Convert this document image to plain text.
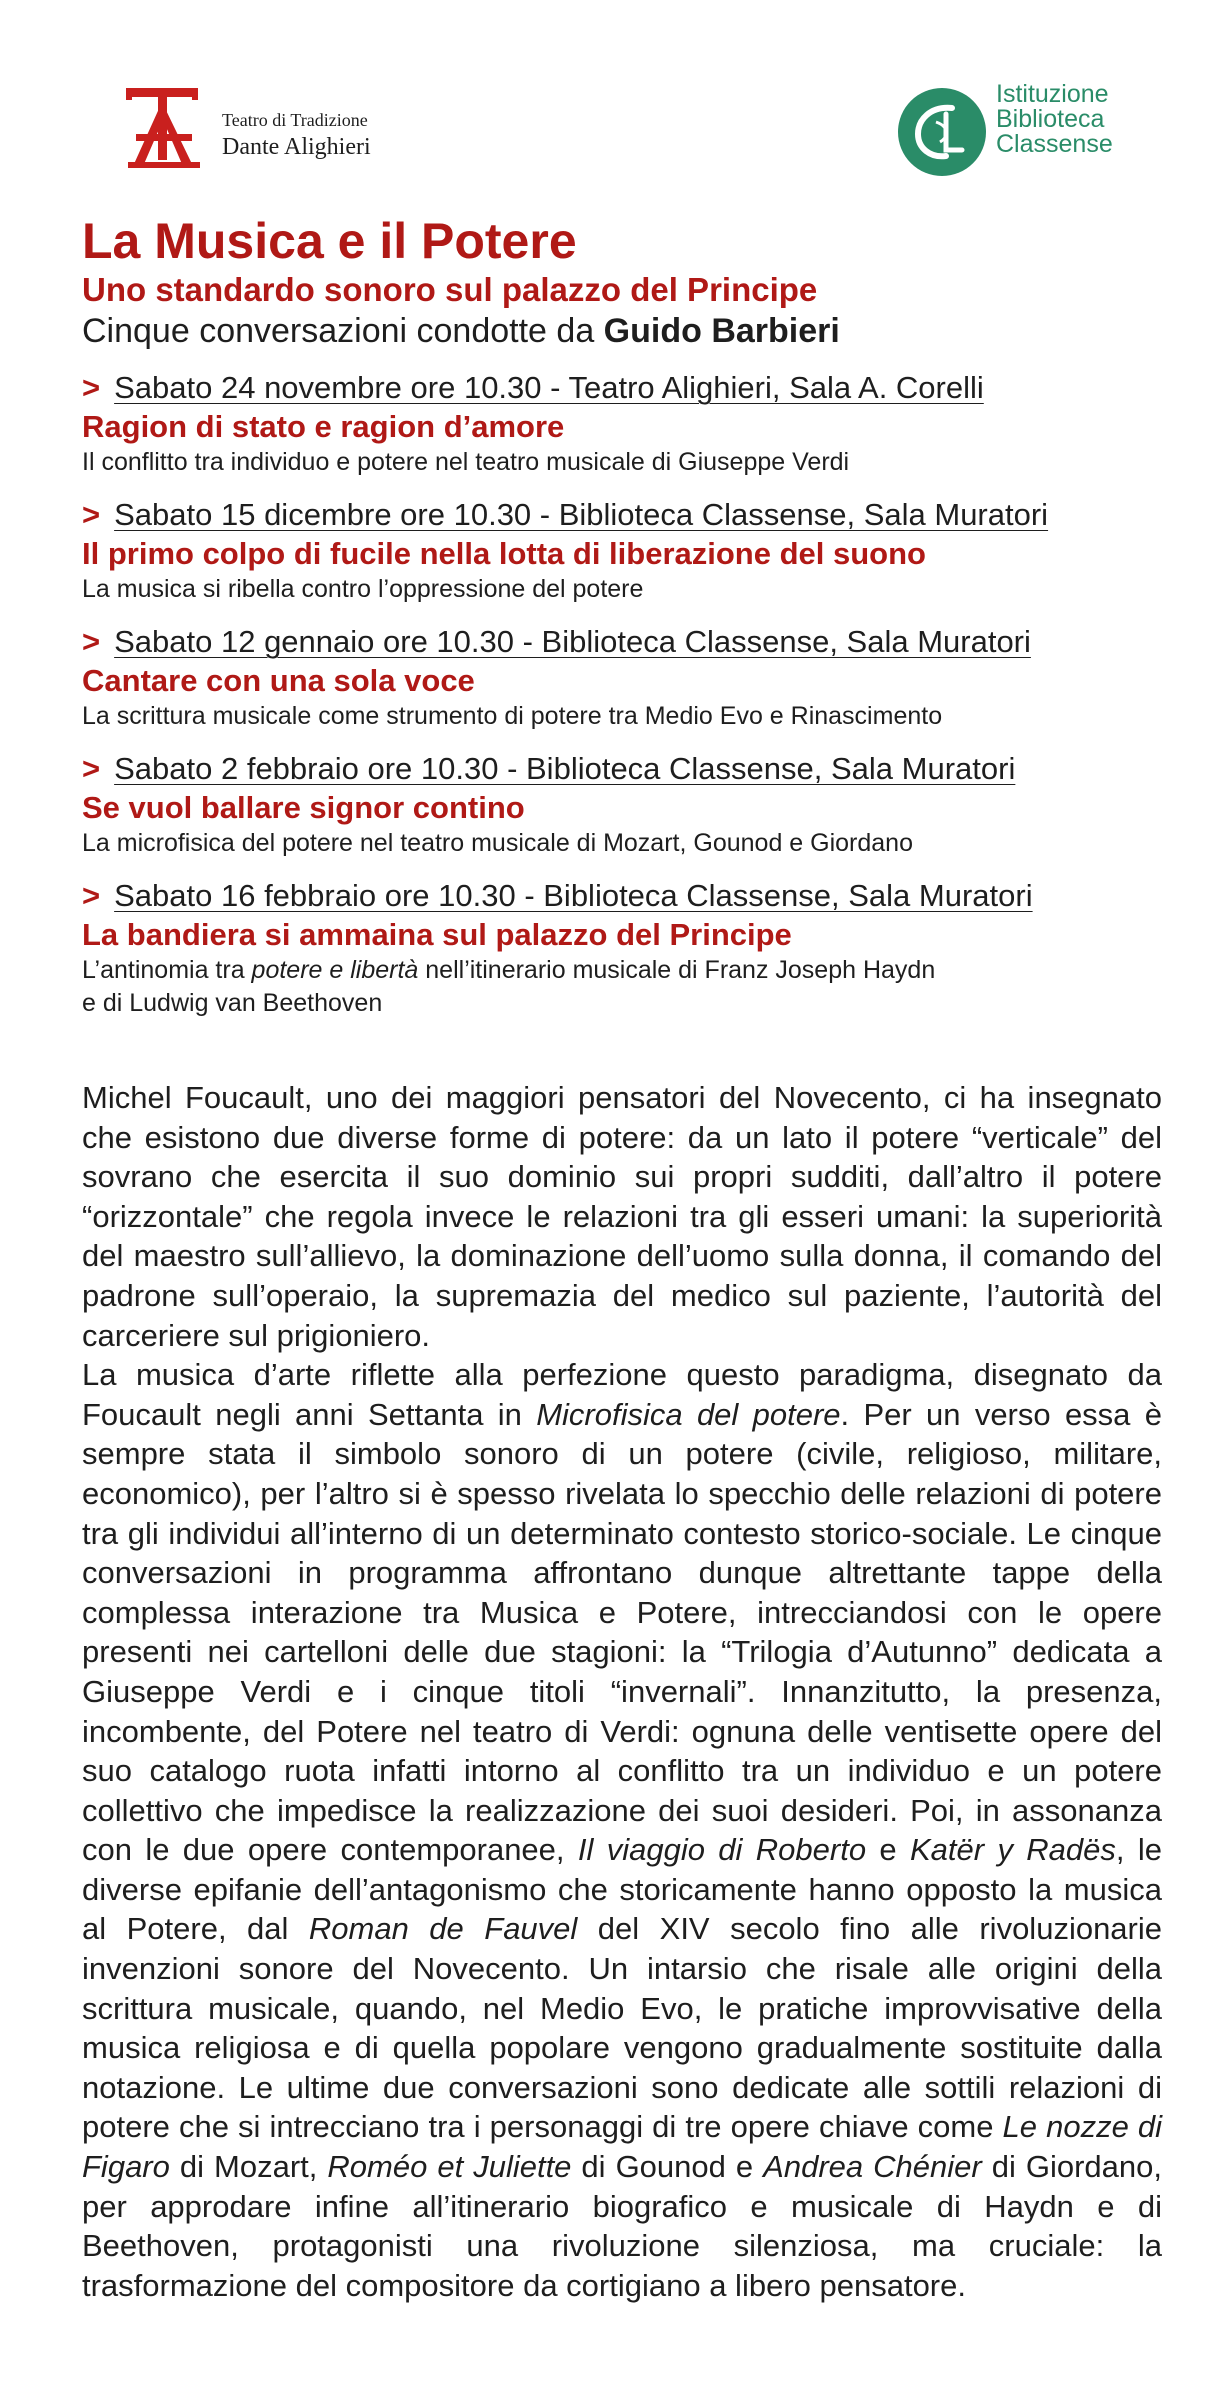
Teatro di Tradizione
Dante Alighieri
Istituzione
Biblioteca
Classense
La Musica e il Potere
Uno standardo sonoro sul palazzo del Principe

Cinque conversazioni condotte da Guido Barbieri

> Sabato 24 novembre ore 10.30 - Teatro Alighieri, Sala A. Corelli
Ragion di stato e ragion d’amore
Il conflitto tra individuo e potere nel teatro musicale di Giuseppe Verdi
> Sabato 15 dicembre ore 10.30 - Biblioteca Classense, Sala Muratori
Il primo colpo di fucile nella lotta di liberazione del suono
La musica si ribella contro l’oppressione del potere
> Sabato 12 gennaio ore 10.30 - Biblioteca Classense, Sala Muratori
Cantare con una sola voce
La scrittura musicale come strumento di potere tra Medio Evo e Rinascimento
> Sabato 2 febbraio ore 10.30 - Biblioteca Classense, Sala Muratori
Se vuol ballare signor contino
La microfisica del potere nel teatro musicale di Mozart, Gounod e Giordano
> Sabato 16 febbraio ore 10.30 - Biblioteca Classense, Sala Muratori
La bandiera si ammaina sul palazzo del Principe
L’antinomia tra potere e libertà nell’itinerario musicale di Franz Joseph Haydn
e di Ludwig van Beethoven

Michel Foucault, uno dei maggiori pensatori del Novecento, ci ha insegnato che esistono due diverse forme di potere: da un lato il potere “verticale” del sovrano che esercita il suo dominio sui propri sudditi, dall’altro il potere “orizzontale” che regola invece le relazioni tra gli esseri umani: la superiorità del maestro sull’allievo, la dominazione dell’uomo sulla donna, il comando del padrone sull’operaio, la supremazia del medico sul paziente, l’autorità del carceriere sul prigioniero.

La musica d’arte riflette alla perfezione questo paradigma, disegnato da Foucault negli anni Settanta in Microfisica del potere. Per un verso essa è sempre stata il simbolo sonoro di un potere (civile, religioso, militare, economico), per l’altro si è spesso rivelata lo specchio delle relazioni di potere tra gli individui all’interno di un determinato contesto storico-sociale. Le cinque conversazioni in programma affrontano dunque altrettante tappe della complessa interazione tra Musica e Potere, intrecciandosi con le opere presenti nei cartelloni delle due stagioni: la “Trilogia d’Autunno” dedicata a Giuseppe Verdi e i cinque titoli “invernali”. Innanzitutto, la presenza, incombente, del Potere nel teatro di Verdi: ognuna delle ventisette opere del suo catalogo ruota infatti intorno al conflitto tra un individuo e un potere collettivo che impedisce la realizzazione dei suoi desideri. Poi, in assonanza con le due opere contemporanee, Il viaggio di Roberto e Katër y Radës, le diverse epifanie dell’antagonismo che storicamente hanno opposto la musica al Potere, dal Roman de Fauvel del XIV secolo fino alle rivoluzionarie invenzioni sonore del Novecento. Un intarsio che risale alle origini della scrittura musicale, quando, nel Medio Evo, le pratiche improvvisative della musica religiosa e di quella popolare vengono gradualmente sostituite dalla notazione. Le ultime due conversazioni sono dedicate alle sottili relazioni di potere che si intrecciano tra i personaggi di tre opere chiave come Le nozze di Figaro di Mozart, Roméo et Juliette di Gounod e Andrea Chénier di Giordano, per approdare infine all’itinerario biografico e musicale di Haydn e di Beethoven, protagonisti una rivoluzione silenziosa, ma cruciale: la trasformazione del compositore da cortigiano a libero pensatore.
